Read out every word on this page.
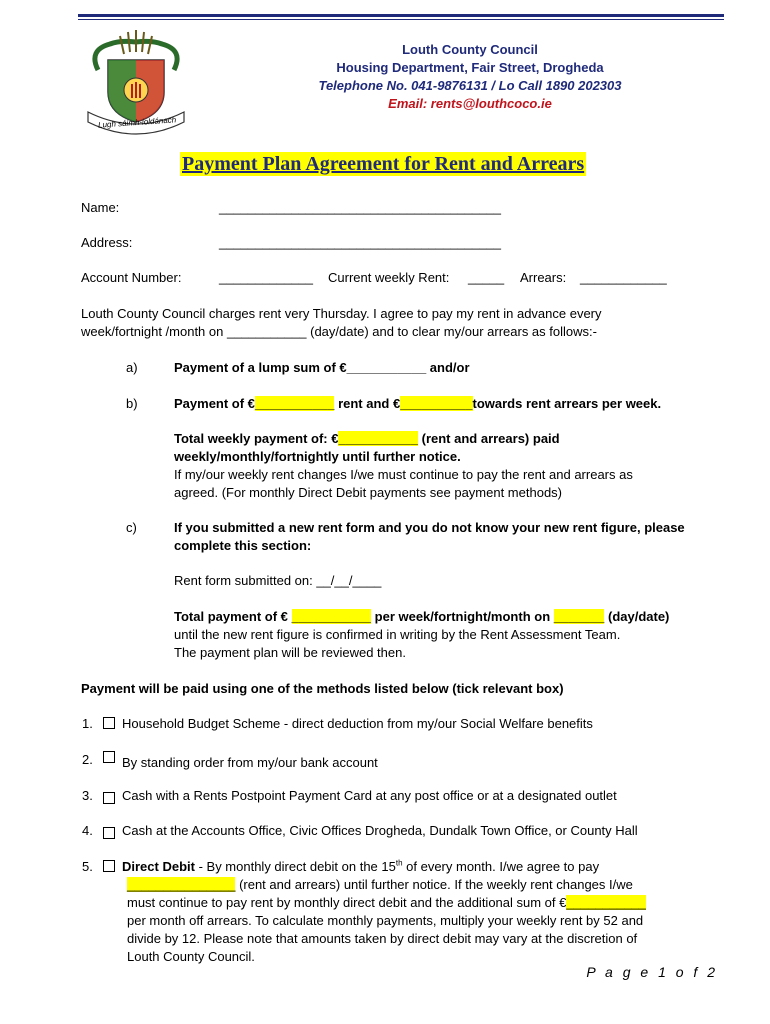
Lugh sáimh-ioldánach
Louth County Council
Housing Department, Fair Street, Drogheda
Telephone No. 041-9876131 / Lo Call 1890 202303
Email: rents@louthcoco.ie
Payment Plan Agreement for Rent and Arrears
Name:	_______________________________________
Address:	_______________________________________
Account Number:	_____________ Current weekly Rent: _____ Arrears: ____________
Louth County Council charges rent very Thursday. I agree to pay my rent in advance every
week/fortnight /month on ___________ (day/date) and to clear my/our arrears as follows:-
a)	Payment of a lump sum of €___________ and/or
b)	Payment of €___________ rent and €__________towards rent arrears per week.
Total weekly payment of: €___________ (rent and arrears) paid
weekly/monthly/fortnightly until further notice.
If my/our weekly rent changes I/we must continue to pay the rent and arrears as
agreed. (For monthly Direct Debit payments see payment methods)
c)	If you submitted a new rent form and you do not know your new rent figure, please
complete this section:
Rent form submitted on: __/__/____
Total payment of € ___________ per week/fortnight/month on _______ (day/date)
until the new rent figure is confirmed in writing by the Rent Assessment Team.
The payment plan will be reviewed then.
Payment will be paid using one of the methods listed below (tick relevant box)
1.	Household Budget Scheme - direct deduction from my/our Social Welfare benefits
2.	By standing order from my/our bank account
3.	Cash with a Rents Postpoint Payment Card at any post office or at a designated outlet
4.	Cash at the Accounts Office, Civic Offices Drogheda, Dundalk Town Office, or County Hall
5.	Direct Debit - By monthly direct debit on the 15th of every month. I/we agree to pay
_______________ (rent and arrears) until further notice. If the weekly rent changes I/we
must continue to pay rent by monthly direct debit and the additional sum of €___________
per month off arrears. To calculate monthly payments, multiply your weekly rent by 52 and
divide by 12. Please note that amounts taken by direct debit may vary at the discretion of
Louth County Council.
P a g e 1 o f 2
